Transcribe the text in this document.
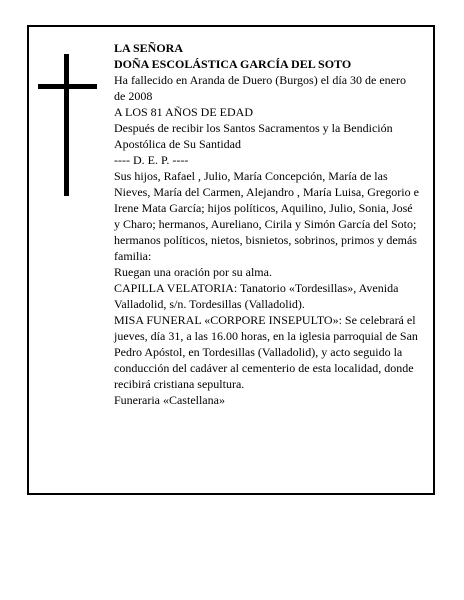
LA SEÑORA

DOÑA ESCOLÁSTICA GARCÍA DEL SOTO

Ha fallecido en Aranda de Duero (Burgos) el día 30 de enero de 2008

A LOS 81 AÑOS DE EDAD

Después de recibir los Santos Sacramentos y la Bendición Apostólica de Su Santidad

---- D. E. P. ----

Sus hijos, Rafael , Julio, María Concepción, María de las Nieves, María del Carmen, Alejandro , María Luisa, Gregorio e Irene Mata García; hijos políticos, Aquilino, Julio, Sonia, José y Charo; hermanos, Aureliano, Cirila y Simón García del Soto; hermanos políticos, nietos, bisnietos, sobrinos, primos y demás familia:

Ruegan una oración por su alma.

CAPILLA VELATORIA: Tanatorio «Tordesillas», Avenida Valladolid, s/n. Tordesillas (Valladolid).

MISA FUNERAL «CORPORE INSEPULTO»: Se celebrará el jueves, día 31, a las 16.00 horas, en la iglesia parroquial de San Pedro Apóstol, en Tordesillas (Valladolid), y acto seguido la conducción del cadáver al cementerio de esta localidad, donde recibirá cristiana sepultura.

Funeraria «Castellana»
